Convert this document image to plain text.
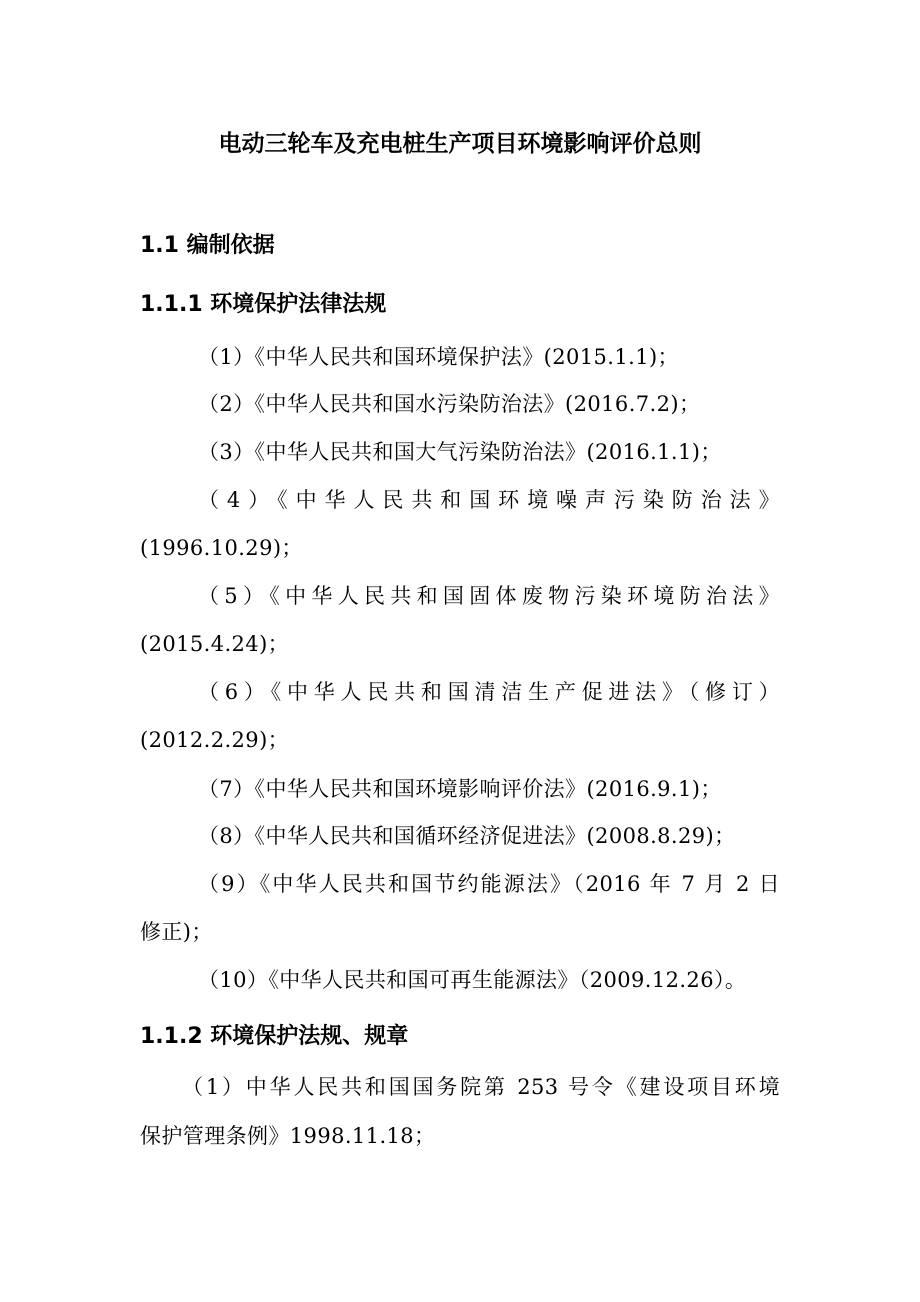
电动三轮车及充电桩生产项目环境影响评价总则
1.1 编制依据
1.1.1 环境保护法律法规
（1）《中华人民共和国环境保护法》(2015.1.1)；
（2）《中华人民共和国水污染防治法》(2016.7.2)；
（3）《中华人民共和国大气污染防治法》(2016.1.1)；
（4）《中华人民共和国环境噪声污染防治法》
(1996.10.29)；
（5）《中华人民共和国固体废物污染环境防治法》
(2015.4.24)；
（6）《中华人民共和国清洁生产促进法》（修订）
(2012.2.29)；
（7）《中华人民共和国环境影响评价法》(2016.9.1)；
（8）《中华人民共和国循环经济促进法》(2008.8.29)；
（9）《中华人民共和国节约能源法》（2016 年 7 月 2 日
修正)；
（10）《中华人民共和国可再生能源法》（2009.12.26）。
1.1.2 环境保护法规、规章
（1）中华人民共和国国务院第 253 号令《建设项目环境
保护管理条例》1998.11.18；
